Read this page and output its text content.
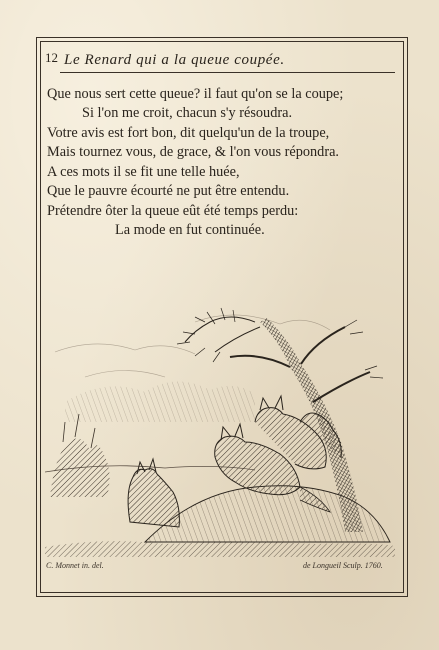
12 Le Renard qui a la queue coupée.
Que nous sert cette queue? il faut qu'on se la coupe;
Si l'on me croit, chacun s'y résoudra.
Votre avis est fort bon, dit quelqu'un de la troupe,
Mais tournez vous, de grace, & l'on vous répondra.
A ces mots il se fit une telle huée,
Que le pauvre écourté ne put être entendu.
Prétendre ôter la queue eût été temps perdu:
La mode en fut continuée.
C. Monnet in. del.	de Longueil Sculp. 1760.
